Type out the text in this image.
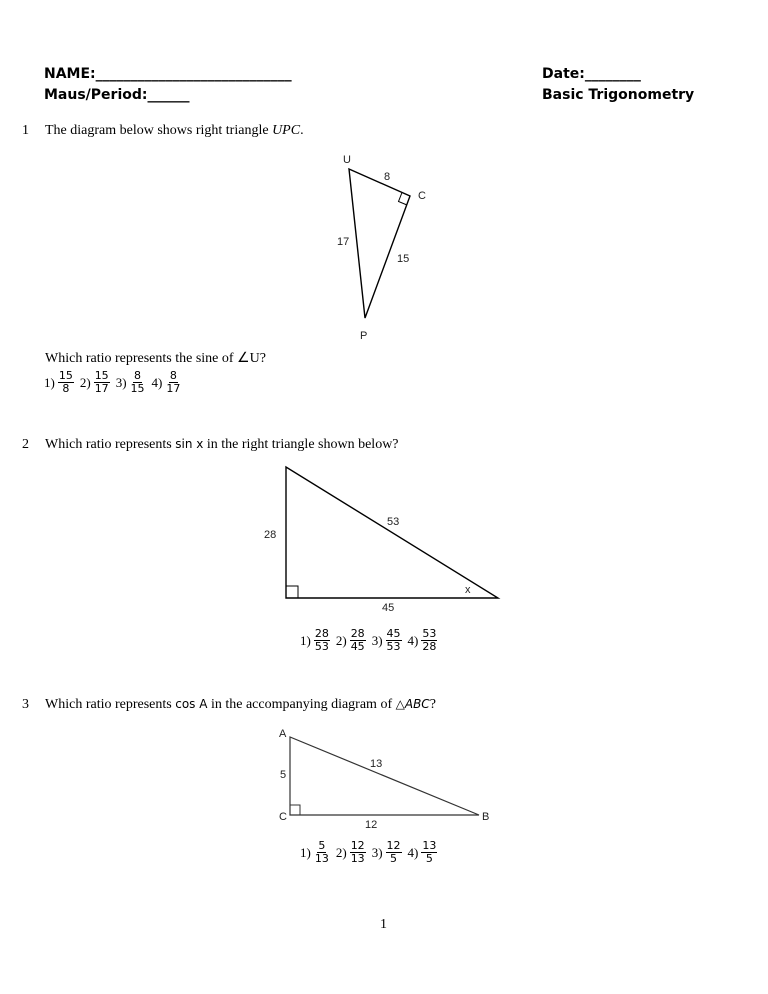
NAME:____________________________
Maus/Period:______
Date:________
Basic Trigonometry
1 The diagram below shows right triangle UPC.
U
C
P
8
15
17
Which ratio represents the sine of ∠U?
$1) \frac{15}{8} 2) \frac{15}{17} 3) \frac{8}{15} 4) \frac{8}{17}$
2 Which ratio represents sin x in the right triangle shown below?
28
53
45
x
$1) \frac{28}{53} 2) \frac{28}{45} 3) \frac{45}{53} 4) \frac{53}{28}$
3 Which ratio represents cos A in the accompanying diagram of △ABC?
A
C	B
5
13
12
$1) \frac{5}{13} 2) \frac{12}{13} 3) \frac{12}{5} 4) \frac{13}{5}$
1
